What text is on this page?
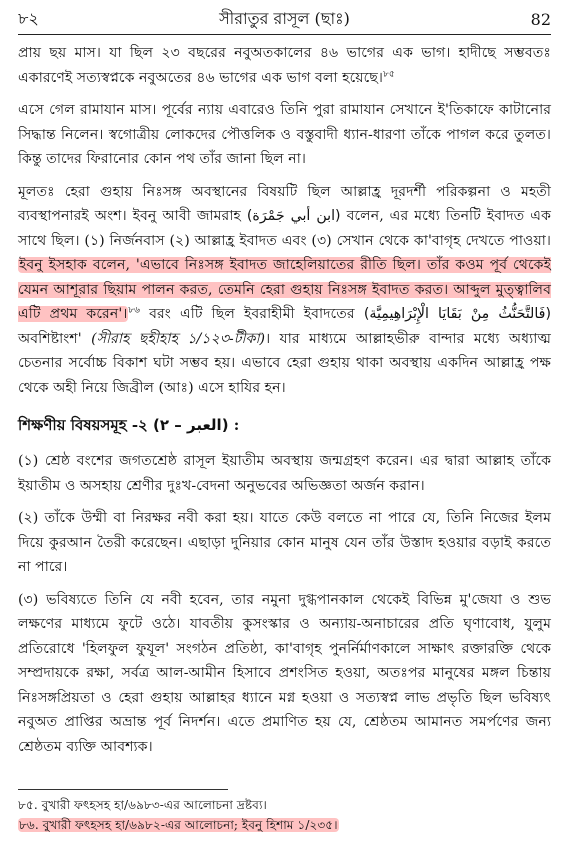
৮২	সীরাতুর রাসূল (ছাঃ)	82

প্রায় ছয় মাস। যা ছিল ২৩ বছরের নবুঅতকালের ৪৬ ভাগের এক ভাগ। হাদীছে সম্ভবতঃ একারণেই সত্যস্বপ্নকে নবুঅতের ৪৬ ভাগের এক ভাগ বলা হয়েছে।$^{৮৫}$

এসে গেল রামাযান মাস। পূর্বের ন্যায় এবারেও তিনি পুরা রামাযান সেখানে ই'তিকাফে কাটানোর সিদ্ধান্ত নিলেন। স্বগোত্রীয় লোকদের পৌত্তলিক ও বস্তুবাদী ধ্যান-ধারণা তাঁকে পাগল করে তুলত। কিন্তু তাদের ফিরানোর কোন পথ তাঁর জানা ছিল না।

মূলতঃ হেরা গুহায় নিঃসঙ্গ অবস্থানের বিষয়টি ছিল আল্লাহ্র দূরদর্শী পরিকল্পনা ও মহতী ব্যবস্থাপনারই অংশ। ইবনু আবী জামরাহ (ابن أبي جَمْرَة) বলেন, এর মধ্যে তিনটি ইবাদত এক সাথে ছিল। (১) নির্জনবাস (২) আল্লাহ্র ইবাদত এবং (৩) সেখান থেকে কা'বাগৃহ দেখতে পাওয়া। ইবনু ইসহাক বলেন, 'এভাবে নিঃসঙ্গ ইবাদত জাহেলিয়াতের রীতি ছিল। তাঁর কওম পূর্ব থেকেই যেমন আশূরার ছিয়াম পালন করত, তেমনি হেরা গুহায় নিঃসঙ্গ ইবাদত করত। আব্দুল মুত্ত্বালিব এটি প্রথম করেন'।$^{৮৬}$ বরং এটি ছিল ইবরাহীমী ইবাদতের (فَالتَّحَنُّثُ مِنْ بَقَايَا الْإِبْرَاهِيمِيَّة) অবশিষ্টাংশ' (সীরাহ ছহীহাহ ১/১২৩-টীকা)। যার মাধ্যমে আল্লাহভীরু বান্দার মধ্যে অধ্যাত্ম চেতনার সর্বোচ্চ বিকাশ ঘটা সম্ভব হয়। এভাবে হেরা গুহায় থাকা অবস্থায় একদিন আল্লাহ্র পক্ষ থেকে অহী নিয়ে জিব্রীল (আঃ) এসে হাযির হন।

শিক্ষণীয় বিষয়সমূহ -২ (العبر – ٢) :

(১) শ্রেষ্ঠ বংশের জগতশ্রেষ্ঠ রাসূল ইয়াতীম অবস্থায় জন্মগ্রহণ করেন। এর দ্বারা আল্লাহ তাঁকে ইয়াতীম ও অসহায় শ্রেণীর দুঃখ-বেদনা অনুভবের অভিজ্ঞতা অর্জন করান।

(২) তাঁকে উম্মী বা নিরক্ষর নবী করা হয়। যাতে কেউ বলতে না পারে যে, তিনি নিজের ইলম দিয়ে কুরআন তৈরী করেছেন। এছাড়া দুনিয়ার কোন মানুষ যেন তাঁর উস্তাদ হওয়ার বড়াই করতে না পারে।

(৩) ভবিষ্যতে তিনি যে নবী হবেন, তার নমুনা দুগ্ধপানকাল থেকেই বিভিন্ন মু'জেযা ও শুভ লক্ষণের মাধ্যমে ফুটে ওঠে। যাবতীয় কুসংস্কার ও অন্যায়-অনাচারের প্রতি ঘৃণাবোধ, যুলুম প্রতিরোধে 'হিলফুল ফুযূল' সংগঠন প্রতিষ্ঠা, কা'বাগৃহ পুনর্নির্মাণকালে সাক্ষাৎ রক্তারক্তি থেকে সম্প্রদায়কে রক্ষা, সর্বত্র আল-আমীন হিসাবে প্রশংসিত হওয়া, অতঃপর মানুষের মঙ্গল চিন্তায় নিঃসঙ্গপ্রিয়তা ও হেরা গুহায় আল্লাহর ধ্যানে মগ্ন হওয়া ও সত্যস্বপ্ন লাভ প্রভৃতি ছিল ভবিষ্যৎ নবুঅত প্রাপ্তির অভ্রান্ত পূর্ব নিদর্শন। এতে প্রমাণিত হয় যে, শ্রেষ্ঠতম আমানত সমর্পণের জন্য শ্রেষ্ঠতম ব্যক্তি আবশ্যক।

৮৫. বুখারী ফৎহসহ হা/৬৯৮৩-এর আলোচনা দ্রষ্টব্য।
৮৬. বুখারী ফৎহসহ হা/৬৯৮২-এর আলোচনা; ইবনু হিশাম ১/২৩৫।
